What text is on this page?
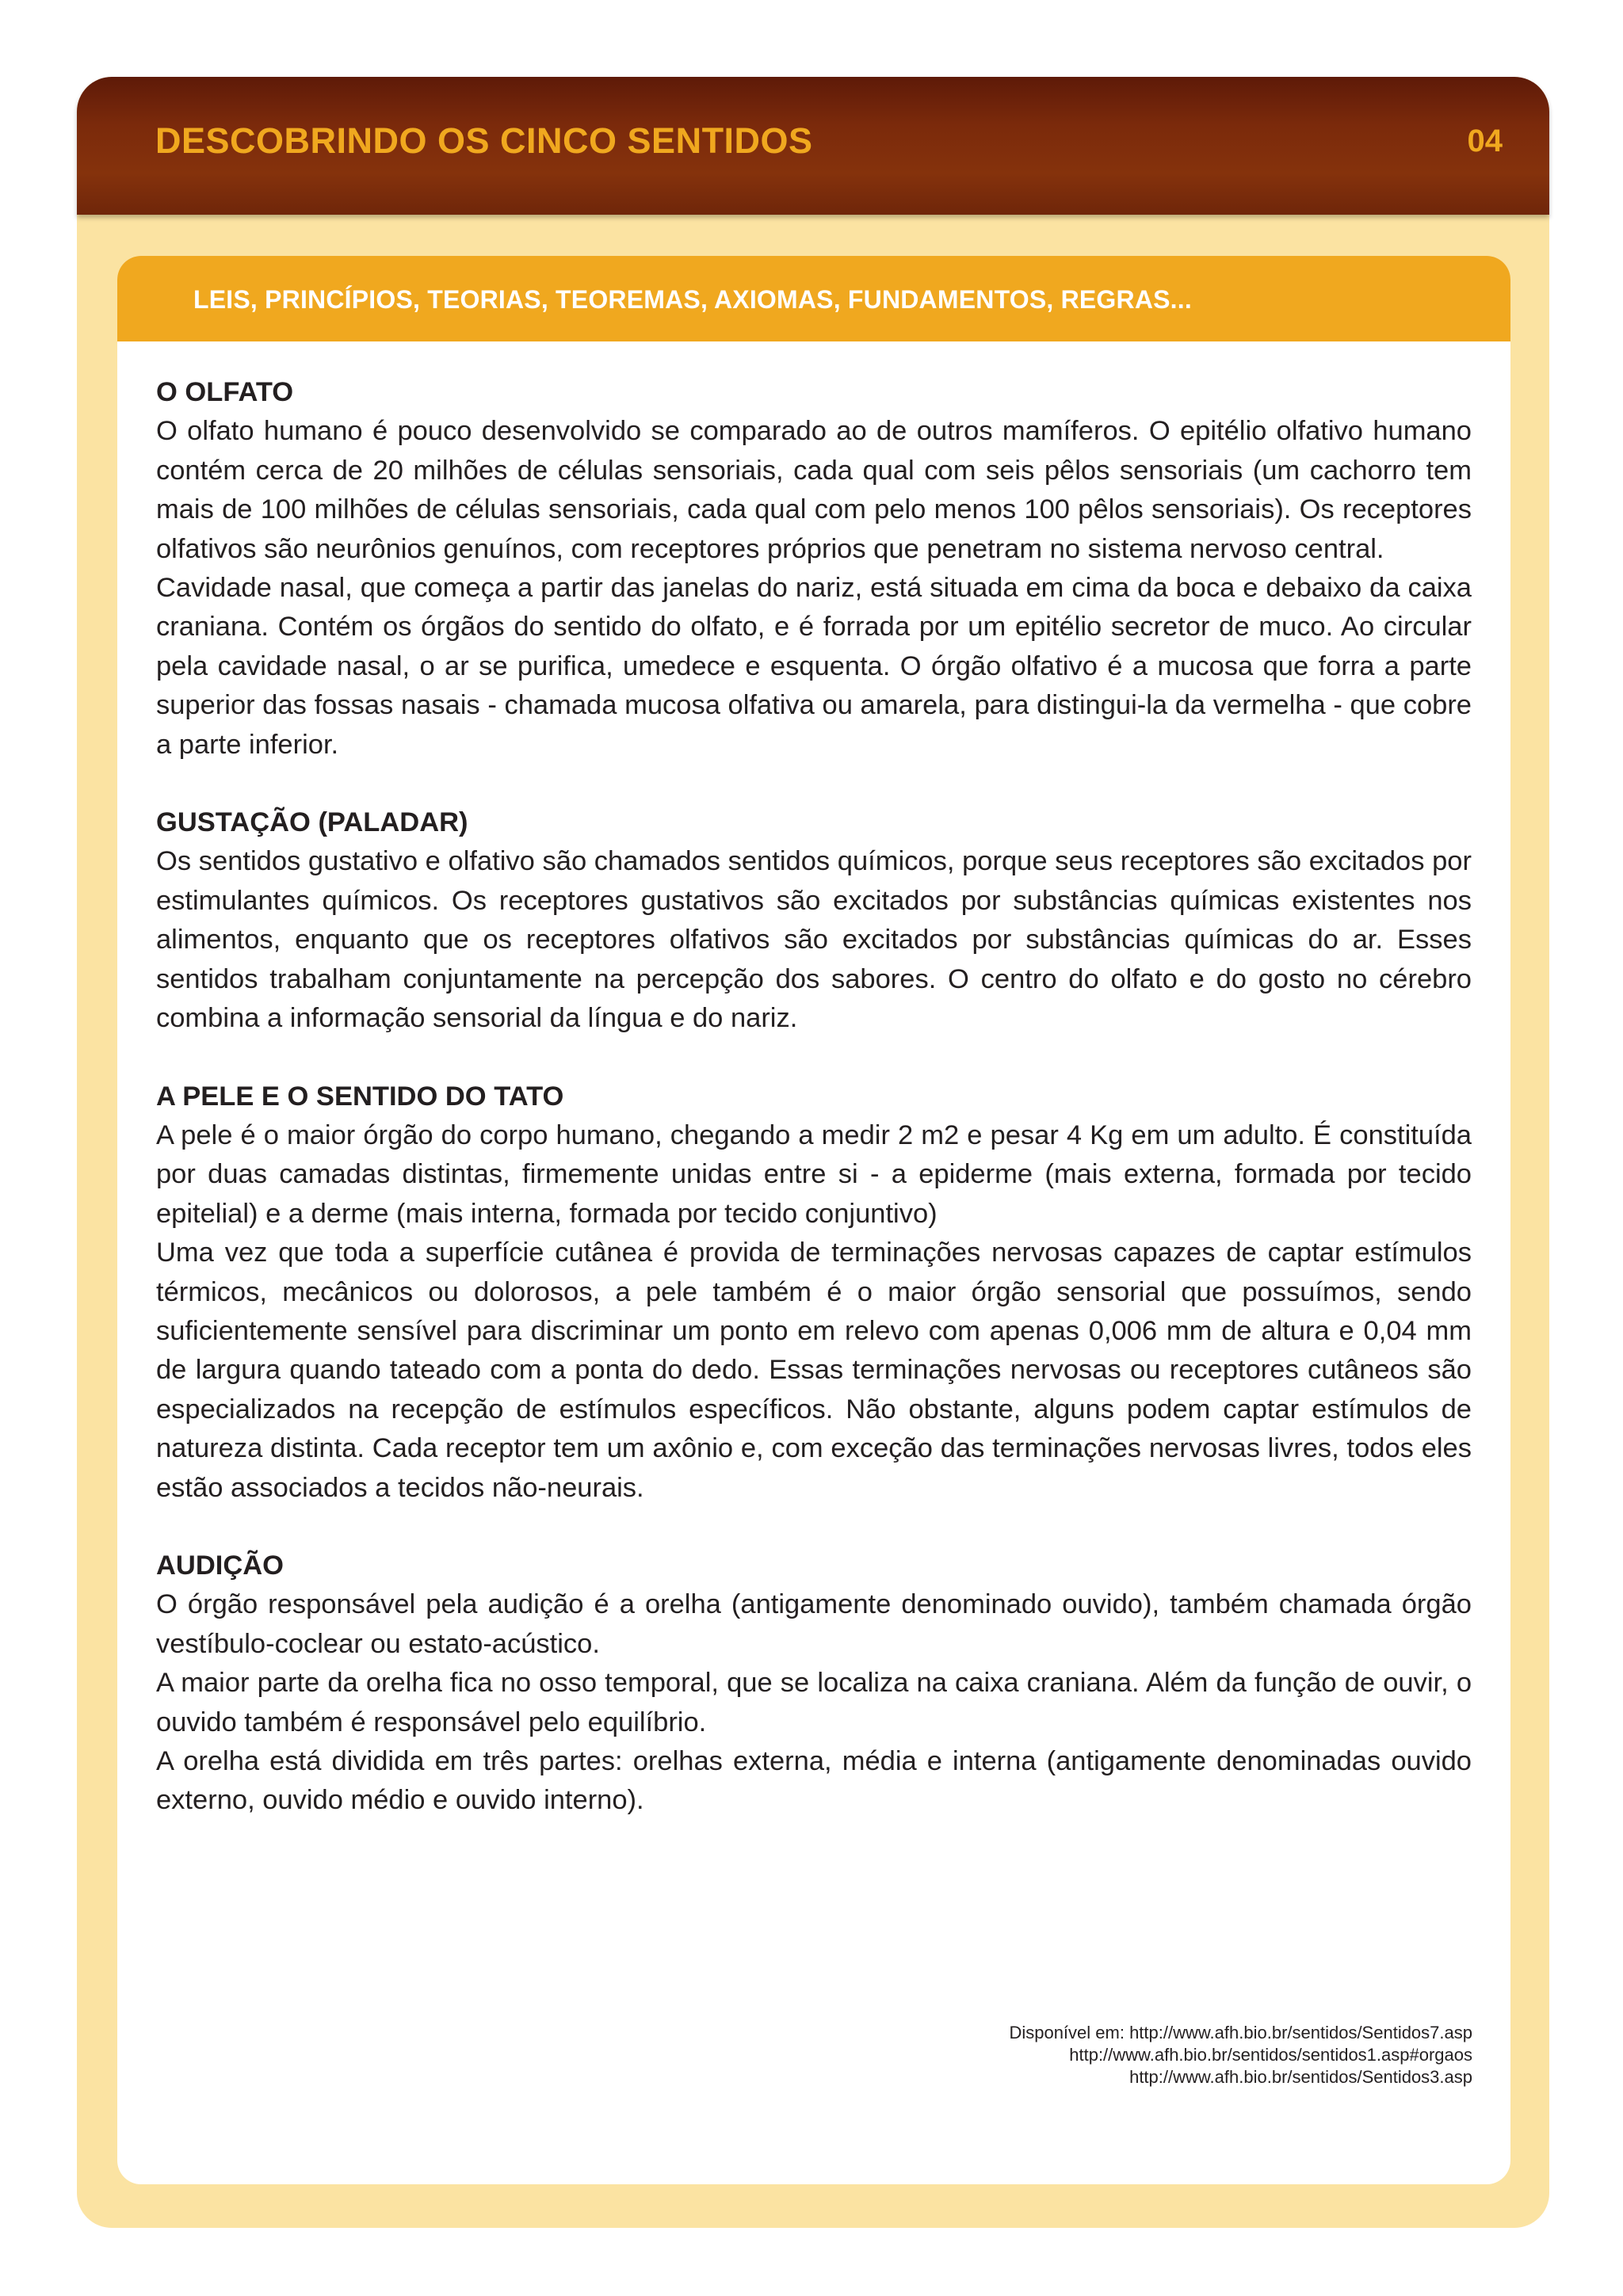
DESCOBRINDO OS CINCO SENTIDOS	04
LEIS, PRINCÍPIOS, TEORIAS, TEOREMAS, AXIOMAS, FUNDAMENTOS, REGRAS...
O OLFATO

O olfato humano é pouco desenvolvido se comparado ao de outros mamíferos. O epitélio olfativo humano contém cerca de 20 milhões de células sensoriais, cada qual com seis pêlos sensoriais (um cachorro tem mais de 100 milhões de células sensoriais, cada qual com pelo menos 100 pêlos sensoriais). Os receptores olfativos são neurônios genuínos, com receptores próprios que penetram no sistema nervoso central.

Cavidade nasal, que começa a partir das janelas do nariz, está situada em cima da boca e debaixo da caixa craniana. Contém os órgãos do sentido do olfato, e é forrada por um epitélio secretor de muco. Ao circular pela cavidade nasal, o ar se purifica, umedece e esquenta. O órgão olfativo é a mucosa que forra a parte superior das fossas nasais - chamada mucosa olfativa ou amarela, para distingui-la da vermelha - que cobre a parte inferior.

GUSTAÇÃO (PALADAR)

Os sentidos gustativo e olfativo são chamados sentidos químicos, porque seus receptores são excitados por estimulantes químicos. Os receptores gustativos são excitados por substâncias químicas existentes nos alimentos, enquanto que os receptores olfativos são excitados por substâncias químicas do ar. Esses sentidos trabalham conjuntamente na percepção dos sabores. O centro do olfato e do gosto no cérebro combina a informação sensorial da língua e do nariz.

A PELE E O SENTIDO DO TATO

A pele é o maior órgão do corpo humano, chegando a medir 2 m2 e pesar 4 Kg em um adulto. É constituída por duas camadas distintas, firmemente unidas entre si - a epiderme (mais externa, formada por tecido epitelial) e a derme (mais interna, formada por tecido conjuntivo)

Uma vez que toda a superfície cutânea é provida de terminações nervosas capazes de captar estímulos térmicos, mecânicos ou dolorosos, a pele também é o maior órgão sensorial que possuímos, sendo suficientemente sensível para discriminar um ponto em relevo com apenas 0,006 mm de altura e 0,04 mm de largura quando tateado com a ponta do dedo. Essas terminações nervosas ou receptores cutâneos são especializados na recepção de estímulos específicos. Não obstante, alguns podem captar estímulos de natureza distinta. Cada receptor tem um axônio e, com exceção das terminações nervosas livres, todos eles estão associados a tecidos não-neurais.

AUDIÇÃO

O órgão responsável pela audição é a orelha (antigamente denominado ouvido), também chamada órgão vestíbulo-coclear ou estato-acústico.

A maior parte da orelha fica no osso temporal, que se localiza na caixa craniana. Além da função de ouvir, o ouvido também é responsável pelo equilíbrio.

A orelha está dividida em três partes: orelhas externa, média e interna (antigamente denominadas ouvido externo, ouvido médio e ouvido interno).

Disponível em: http://www.afh.bio.br/sentidos/Sentidos7.asp
http://www.afh.bio.br/sentidos/sentidos1.asp#orgaos
http://www.afh.bio.br/sentidos/Sentidos3.asp
